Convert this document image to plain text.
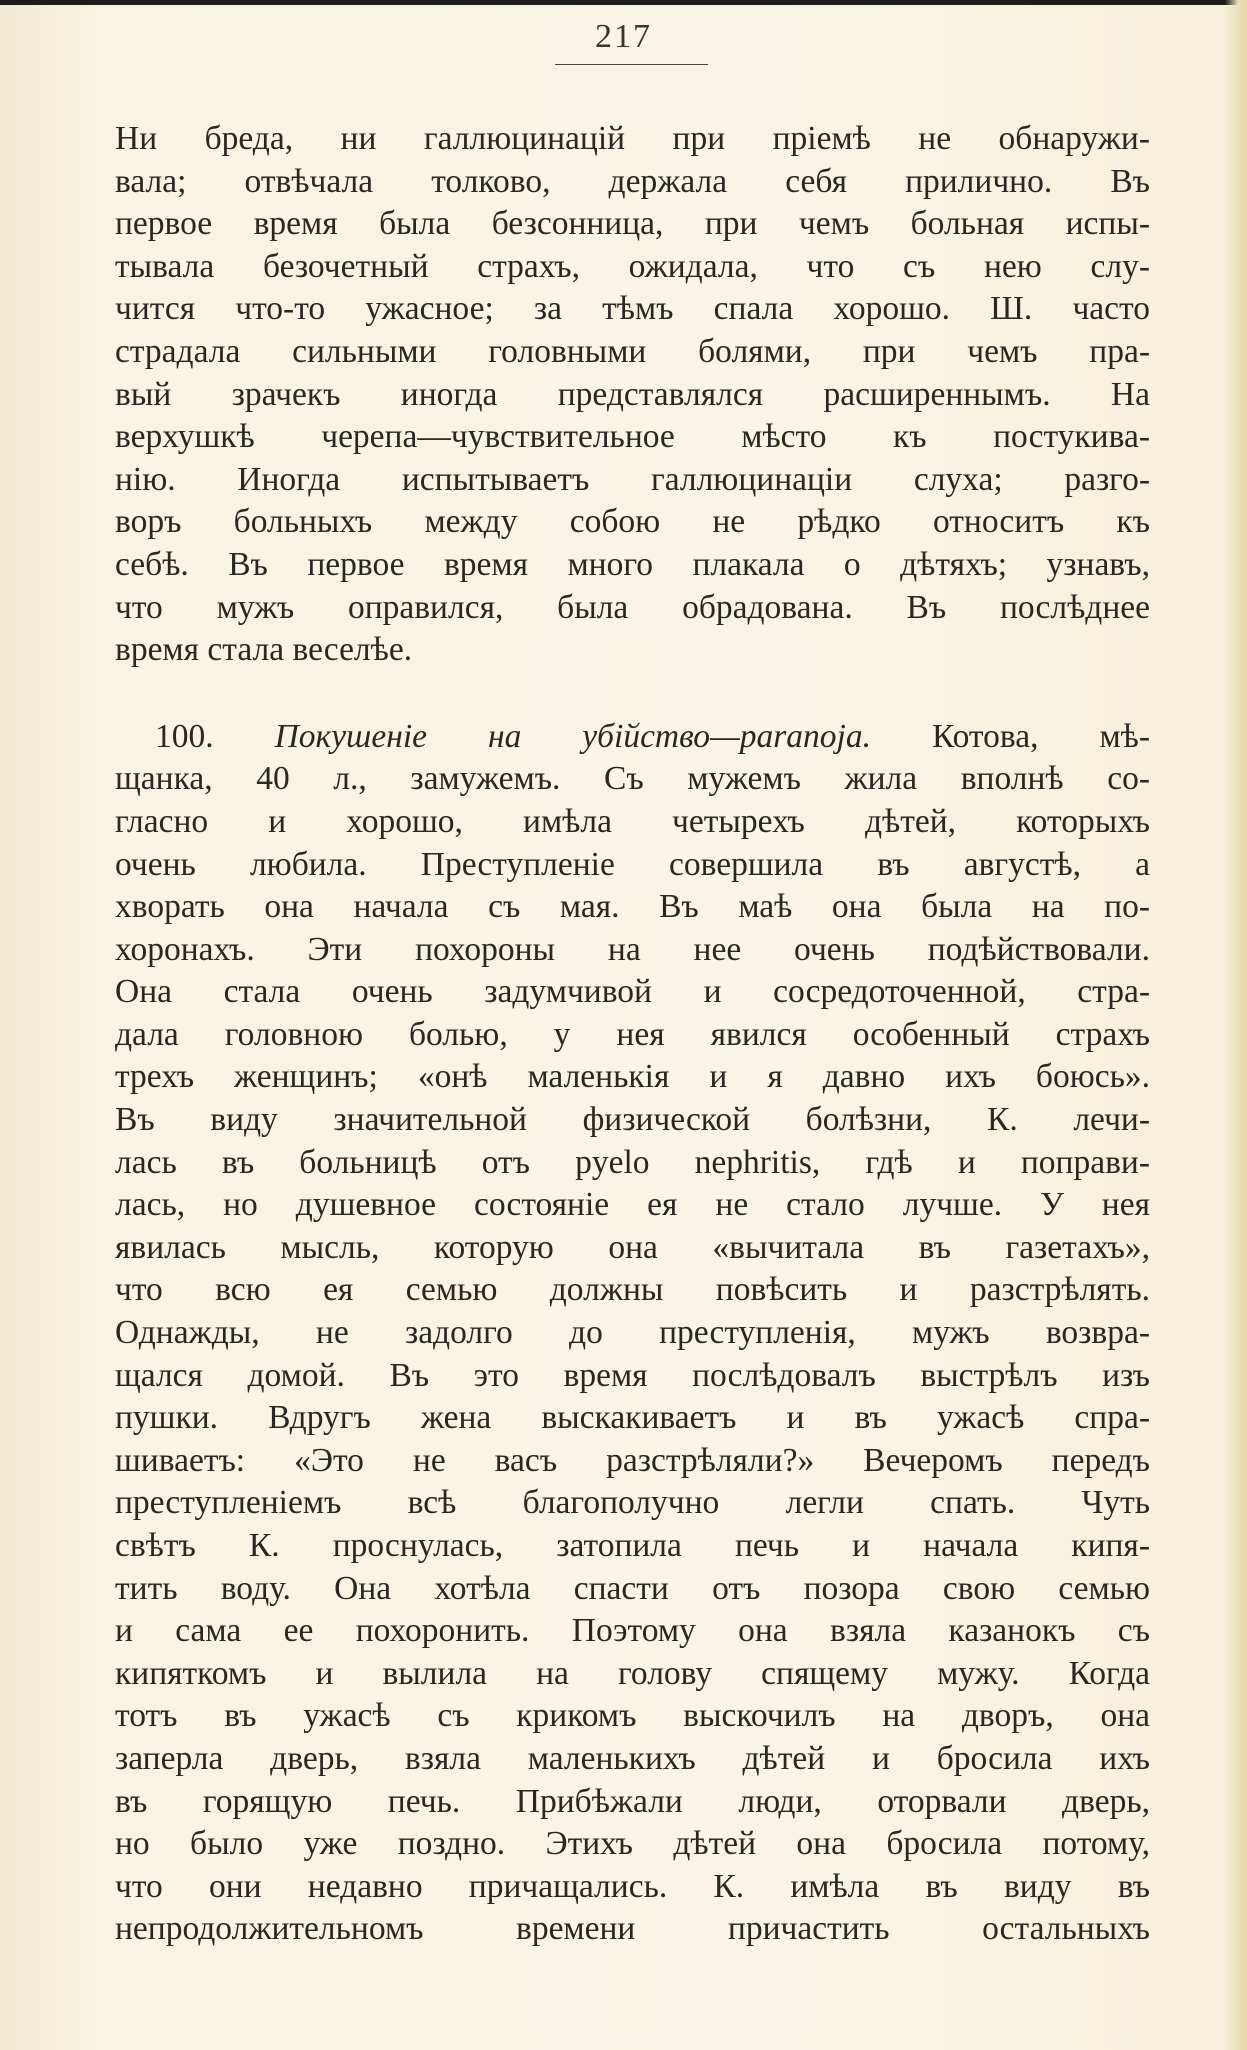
217

Ни бреда, ни галлюцинацій при пріемѣ не обнаружи-
вала; отвѣчала толково, держала себя прилично. Въ
первое время была безсонница, при чемъ больная испы-
тывала безочетный страхъ, ожидала, что съ нею слу-
чится что-то ужасное; за тѣмъ спала хорошо. Ш. часто
страдала сильными головными болями, при чемъ пра-
вый зрачекъ иногда представлялся расширеннымъ. На
верхушкѣ черепа—чувствительное мѣсто къ постукива-
нію. Иногда испытываетъ галлюцинаціи слуха; разго-
воръ больныхъ между собою не рѣдко относитъ къ
себѣ. Въ первое время много плакала о дѣтяхъ; узнавъ,
что мужъ оправился, была обрадована. Въ послѣднее
время стала веселѣе.

100. Покушеніе на убійство—paranoja. Котова, мѣ-
щанка, 40 л., замужемъ. Съ мужемъ жила вполнѣ со-
гласно и хорошо, имѣла четырехъ дѣтей, которыхъ
очень любила. Преступленіе совершила въ августѣ, а
хворать она начала съ мая. Въ маѣ она была на по-
хоронахъ. Эти похороны на нее очень подѣйствовали.
Она стала очень задумчивой и сосредоточенной, стра-
дала головною болью, у нея явился особенный страхъ
трехъ женщинъ; «онѣ маленькія и я давно ихъ боюсь».
Въ виду значительной физической болѣзни, К. лечи-
лась въ больницѣ отъ pyelo nephritis, гдѣ и поправи-
лась, но душевное состояніе ея не стало лучше. У нея
явилась мысль, которую она «вычитала въ газетахъ»,
что всю ея семью должны повѣсить и разстрѣлять.
Однажды, не задолго до преступленія, мужъ возвра-
щался домой. Въ это время послѣдовалъ выстрѣлъ изъ
пушки. Вдругъ жена выскакиваетъ и въ ужасѣ спра-
шиваетъ: «Это не васъ разстрѣляли?» Вечеромъ передъ
преступленіемъ всѣ благополучно легли спать. Чуть
свѣтъ К. проснулась, затопила печь и начала кипя-
тить воду. Она хотѣла спасти отъ позора свою семью
и сама ее похоронить. Поэтому она взяла казанокъ съ
кипяткомъ и вылила на голову спящему мужу. Когда
тотъ въ ужасѣ съ крикомъ выскочилъ на дворъ, она
заперла дверь, взяла маленькихъ дѣтей и бросила ихъ
въ горящую печь. Прибѣжали люди, оторвали дверь,
но было уже поздно. Этихъ дѣтей она бросила потому,
что они недавно причащались. К. имѣла въ виду въ
непродолжительномъ времени причастить остальныхъ
